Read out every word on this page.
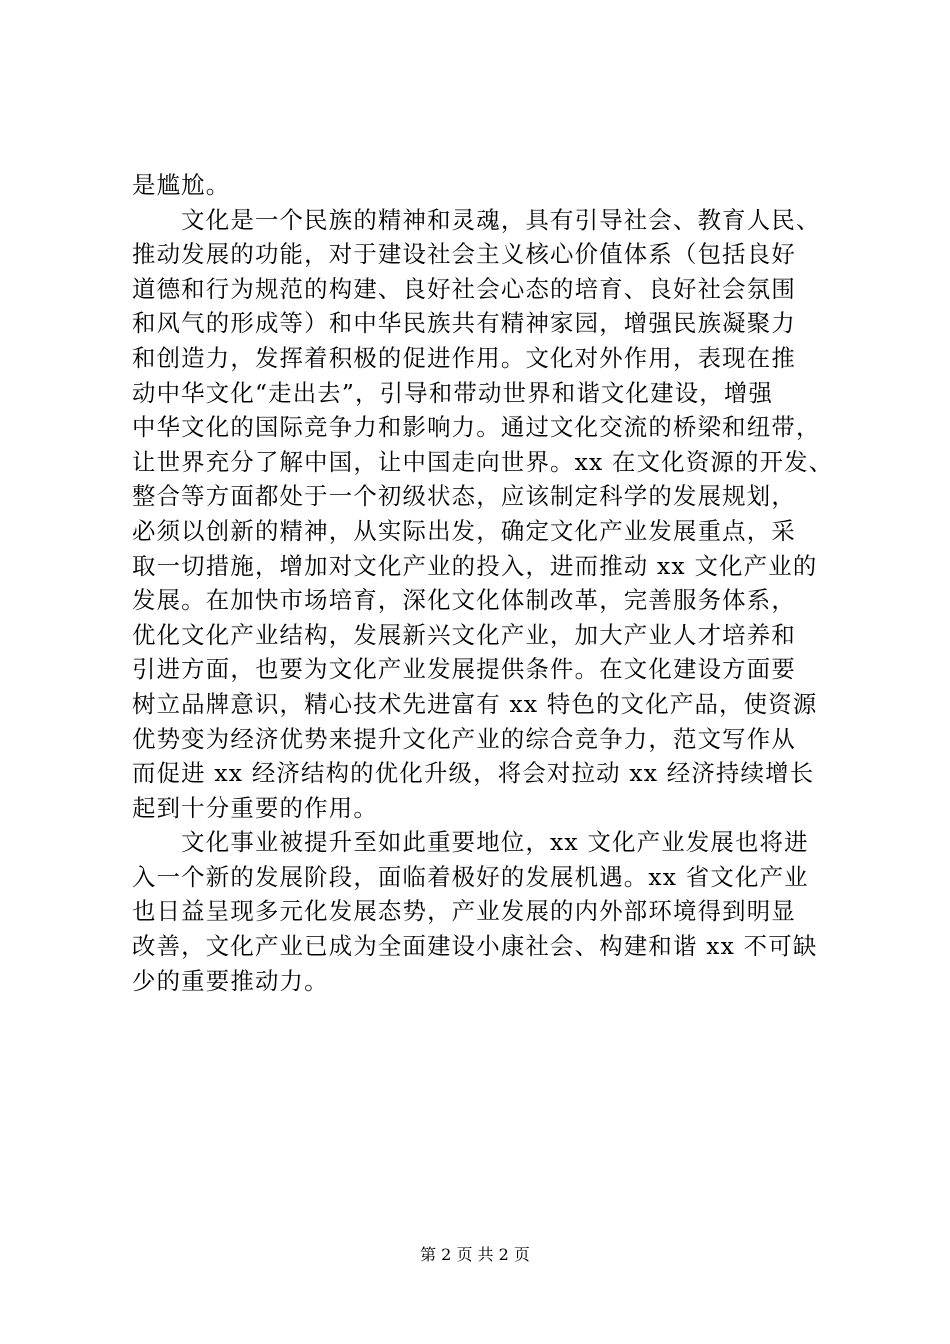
是尴尬。
　　文化是一个民族的精神和灵魂，具有引导社会、教育人民、
推动发展的功能，对于建设社会主义核心价值体系（包括良好
道德和行为规范的构建、良好社会心态的培育、良好社会氛围
和风气的形成等）和中华民族共有精神家园，增强民族凝聚力
和创造力，发挥着积极的促进作用。文化对外作用，表现在推
动中华文化“走出去”，引导和带动世界和谐文化建设，增强
中华文化的国际竞争力和影响力。通过文化交流的桥梁和纽带，
让世界充分了解中国，让中国走向世界。xx 在文化资源的开发、
整合等方面都处于一个初级状态，应该制定科学的发展规划，
必须以创新的精神，从实际出发，确定文化产业发展重点，采
取一切措施，增加对文化产业的投入，进而推动 xx 文化产业的
发展。在加快市场培育，深化文化体制改革，完善服务体系，
优化文化产业结构，发展新兴文化产业，加大产业人才培养和
引进方面，也要为文化产业发展提供条件。在文化建设方面要
树立品牌意识，精心技术先进富有 xx 特色的文化产品，使资源
优势变为经济优势来提升文化产业的综合竞争力，范文写作从
而促进 xx 经济结构的优化升级，将会对拉动 xx 经济持续增长
起到十分重要的作用。
　　文化事业被提升至如此重要地位，xx 文化产业发展也将进
入一个新的发展阶段，面临着极好的发展机遇。xx 省文化产业
也日益呈现多元化发展态势，产业发展的内外部环境得到明显
改善，文化产业已成为全面建设小康社会、构建和谐 xx 不可缺
少的重要推动力。
第 2 页 共 2 页
